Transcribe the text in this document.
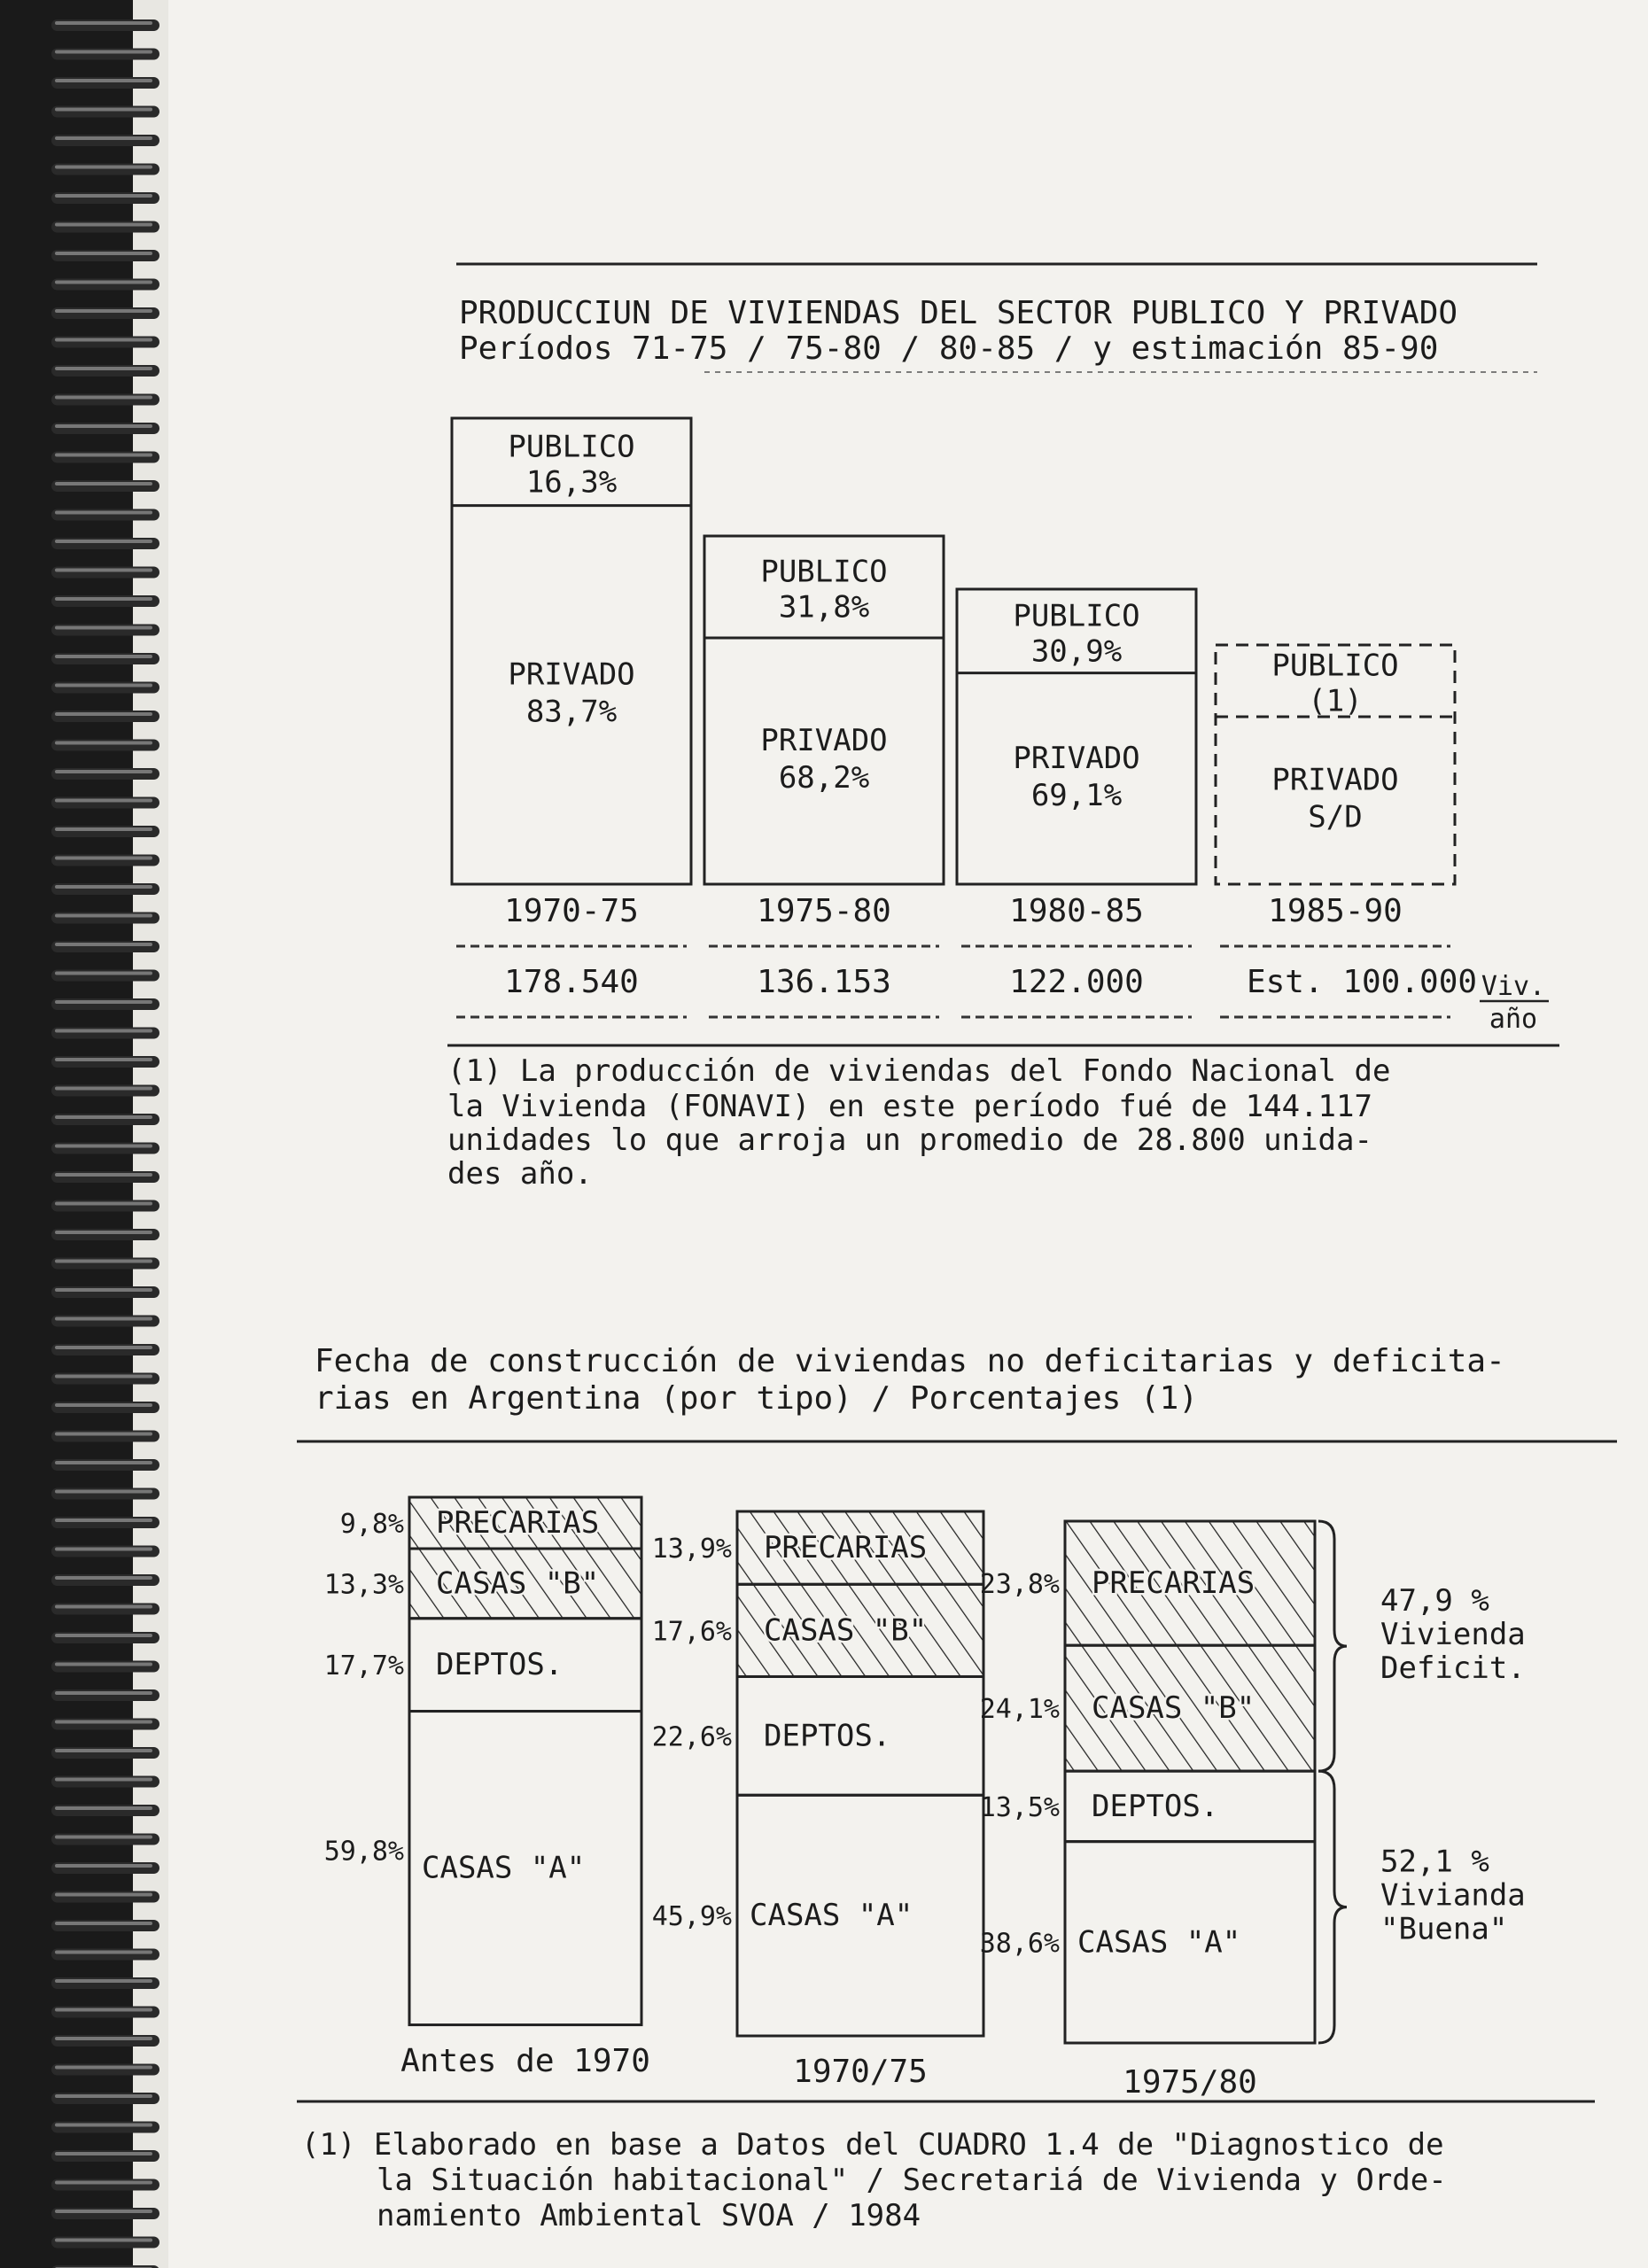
PRODUCCIUN DE VIVIENDAS DEL SECTOR PUBLICO Y PRIVADO
Períodos 71-75 / 75-80 / 80-85 / y estimación 85-90
PUBLICO
16,3%
PRIVADO
83,7%
1970-75
178.540
PUBLICO
31,8%
PRIVADO
68,2%
1975-80
136.153
PUBLICO
30,9%
PRIVADO
69,1%
1980-85
122.000
PUBLICO
(1)
PRIVADO
S/D
1985-90
Est. 100.000 Viv.
año
(1) La producción de viviendas del Fondo Nacional de
la Vivienda (FONAVI) en este período fué de 144.117
unidades lo que arroja un promedio de 28.800 unida-
des año.
Fecha de construcción de viviendas no deficitarias y deficita-
rias en Argentina (por tipo) / Porcentajes (1)
PRECARIAS
9,8%
CASAS "B"
13,3%
DEPTOS.
17,7%
CASAS "A"
59,8%
Antes de 1970
PRECARIAS
13,9%
CASAS "B"
17,6%
DEPTOS.
22,6%
CASAS "A"
45,9%
1970/75
PRECARIAS
23,8%
CASAS "B"
24,1%
DEPTOS.
13,5%
CASAS "A"
38,6%
1975/80
47,9 %
Vivienda
Deficit.
52,1 %
Vivianda
"Buena"
(1) Elaborado en base a Datos del CUADRO 1.4 de "Diagnostico de
la Situación habitacional" / Secretariá de Vivienda y Orde-
namiento Ambiental SVOA / 1984
